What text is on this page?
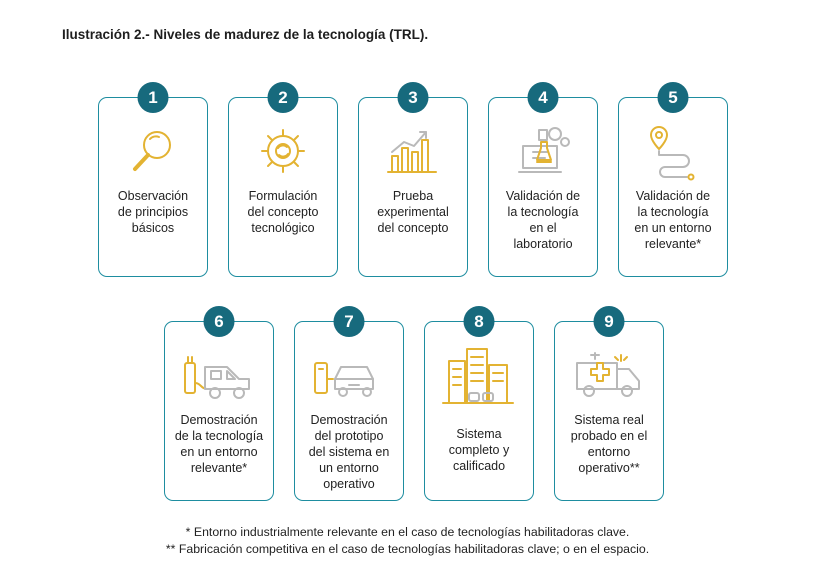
Ilustración 2.- Niveles de madurez de la tecnología (TRL).
1
Observación
de principios
básicos
2
Formulación
del concepto
tecnológico
3
Prueba
experimental
del concepto
4
Validación de
la tecnología
en el
laboratorio
5
Validación de
la tecnología
en un entorno
relevante*
6
Demostración
de la tecnología
en un entorno
relevante*
7
Demostración
del prototipo
del sistema en
un entorno
operativo
8
Sistema
completo y
calificado
9
Sistema real
probado en el
entorno
operativo**
* Entorno industrialmente relevante en el caso de tecnologías habilitadoras clave.
** Fabricación competitiva en el caso de tecnologías habilitadoras clave; o en el espacio.
